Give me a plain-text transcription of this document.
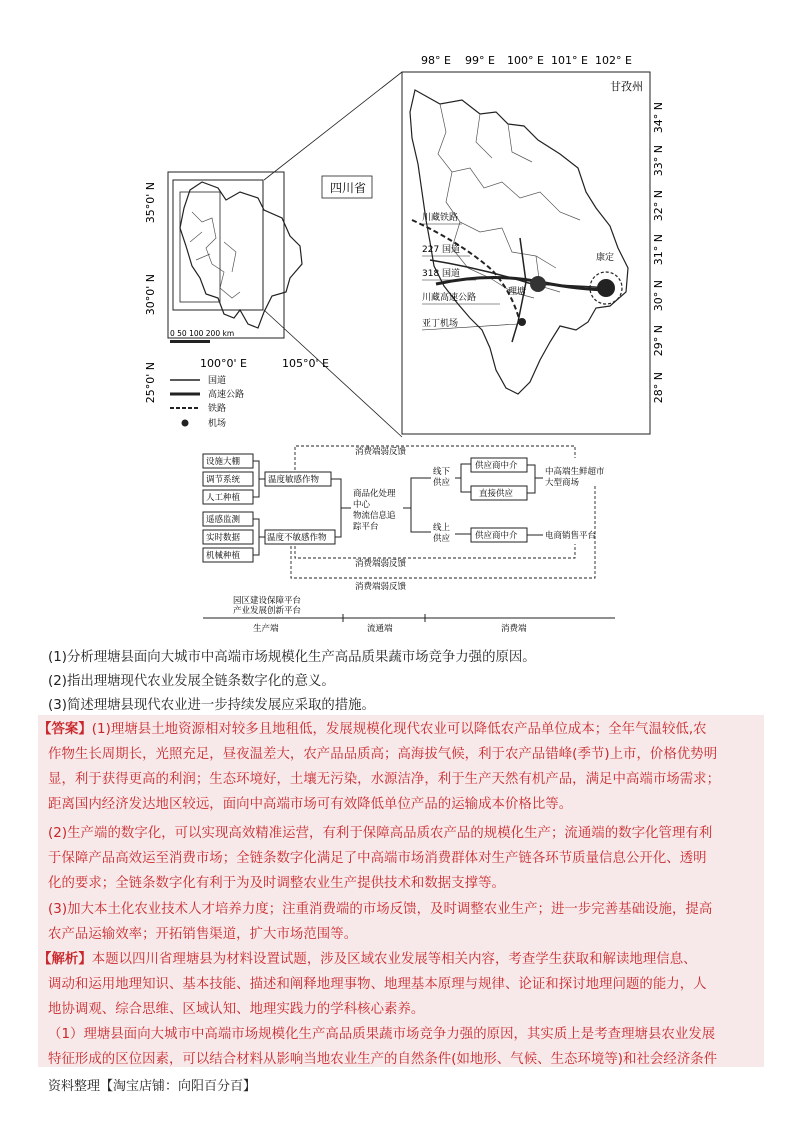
35°0' N
30°0' N
25°0' N	100°0' E	105°0' E
四川省
0 50 100 200 km
国道
高速公路
铁路
机场
98° E 99° E 100° E 101° E 102° E
34° N
33° N
32° N
31° N
30° N
29° N
28° N
甘孜州
理塘
康定
川藏铁路
227 国道
318 国道
川藏高速公路
亚丁机场
设施大棚
调节系统
人工种植
遥感监测
实时数据
机械种植
温度敏感作物
温度不敏感作物
商品化处理
中心
物流信息追
踪平台
线下
供应
线上
供应
供应商中介
直接供应
供应商中介
中高端生鲜超市
大型商场
电商销售平台
消费端弱反馈
消费端弱反馈
消费端弱反馈
园区建设保障平台
产业发展创新平台
生产端	流通端	消费端
(1)分析理塘县面向大城市中高端市场规模化生产高品质果蔬市场竞争力强的原因。
(2)指出理塘现代农业发展全链条数字化的意义。
(3)简述理塘县现代农业进一步持续发展应采取的措施。
【答案】(1)理塘县土地资源相对较多且地租低，发展规模化现代农业可以降低农产品单位成本；全年气温较低,农
作物生长周期长，光照充足，昼夜温差大，农产品品质高；高海拔气候，利于农产品错峰(季节)上市，价格优势明
显，利于获得更高的利润；生态环境好，土壤无污染，水源洁净，利于生产天然有机产品，满足中高端市场需求；
距离国内经济发达地区较远，面向中高端市场可有效降低单位产品的运输成本价格比等。
(2)生产端的数字化，可以实现高效精准运营，有利于保障高品质农产品的规模化生产；流通端的数字化管理有利
于保障产品高效运至消费市场；全链条数字化满足了中高端市场消费群体对生产链各环节质量信息公开化、透明
化的要求；全链条数字化有利于为及时调整农业生产提供技术和数据支撑等。
(3)加大本土化农业技术人才培养力度；注重消费端的市场反馈，及时调整农业生产；进一步完善基础设施，提高
农产品运输效率；开拓销售渠道，扩大市场范围等。
【解析】本题以四川省理塘县为材料设置试题，涉及区域农业发展等相关内容，考查学生获取和解读地理信息、
调动和运用地理知识、基本技能、描述和阐释地理事物、地理基本原理与规律、论证和探讨地理问题的能力，人
地协调观、综合思维、区域认知、地理实践力的学科核心素养。
（1）理塘县面向大城市中高端市场规模化生产高品质果蔬市场竞争力强的原因，其实质上是考查理塘县农业发展
特征形成的区位因素，可以结合材料从影响当地农业生产的自然条件(如地形、气候、生态环境等)和社会经济条件
资料整理【淘宝店铺：向阳百分百】
